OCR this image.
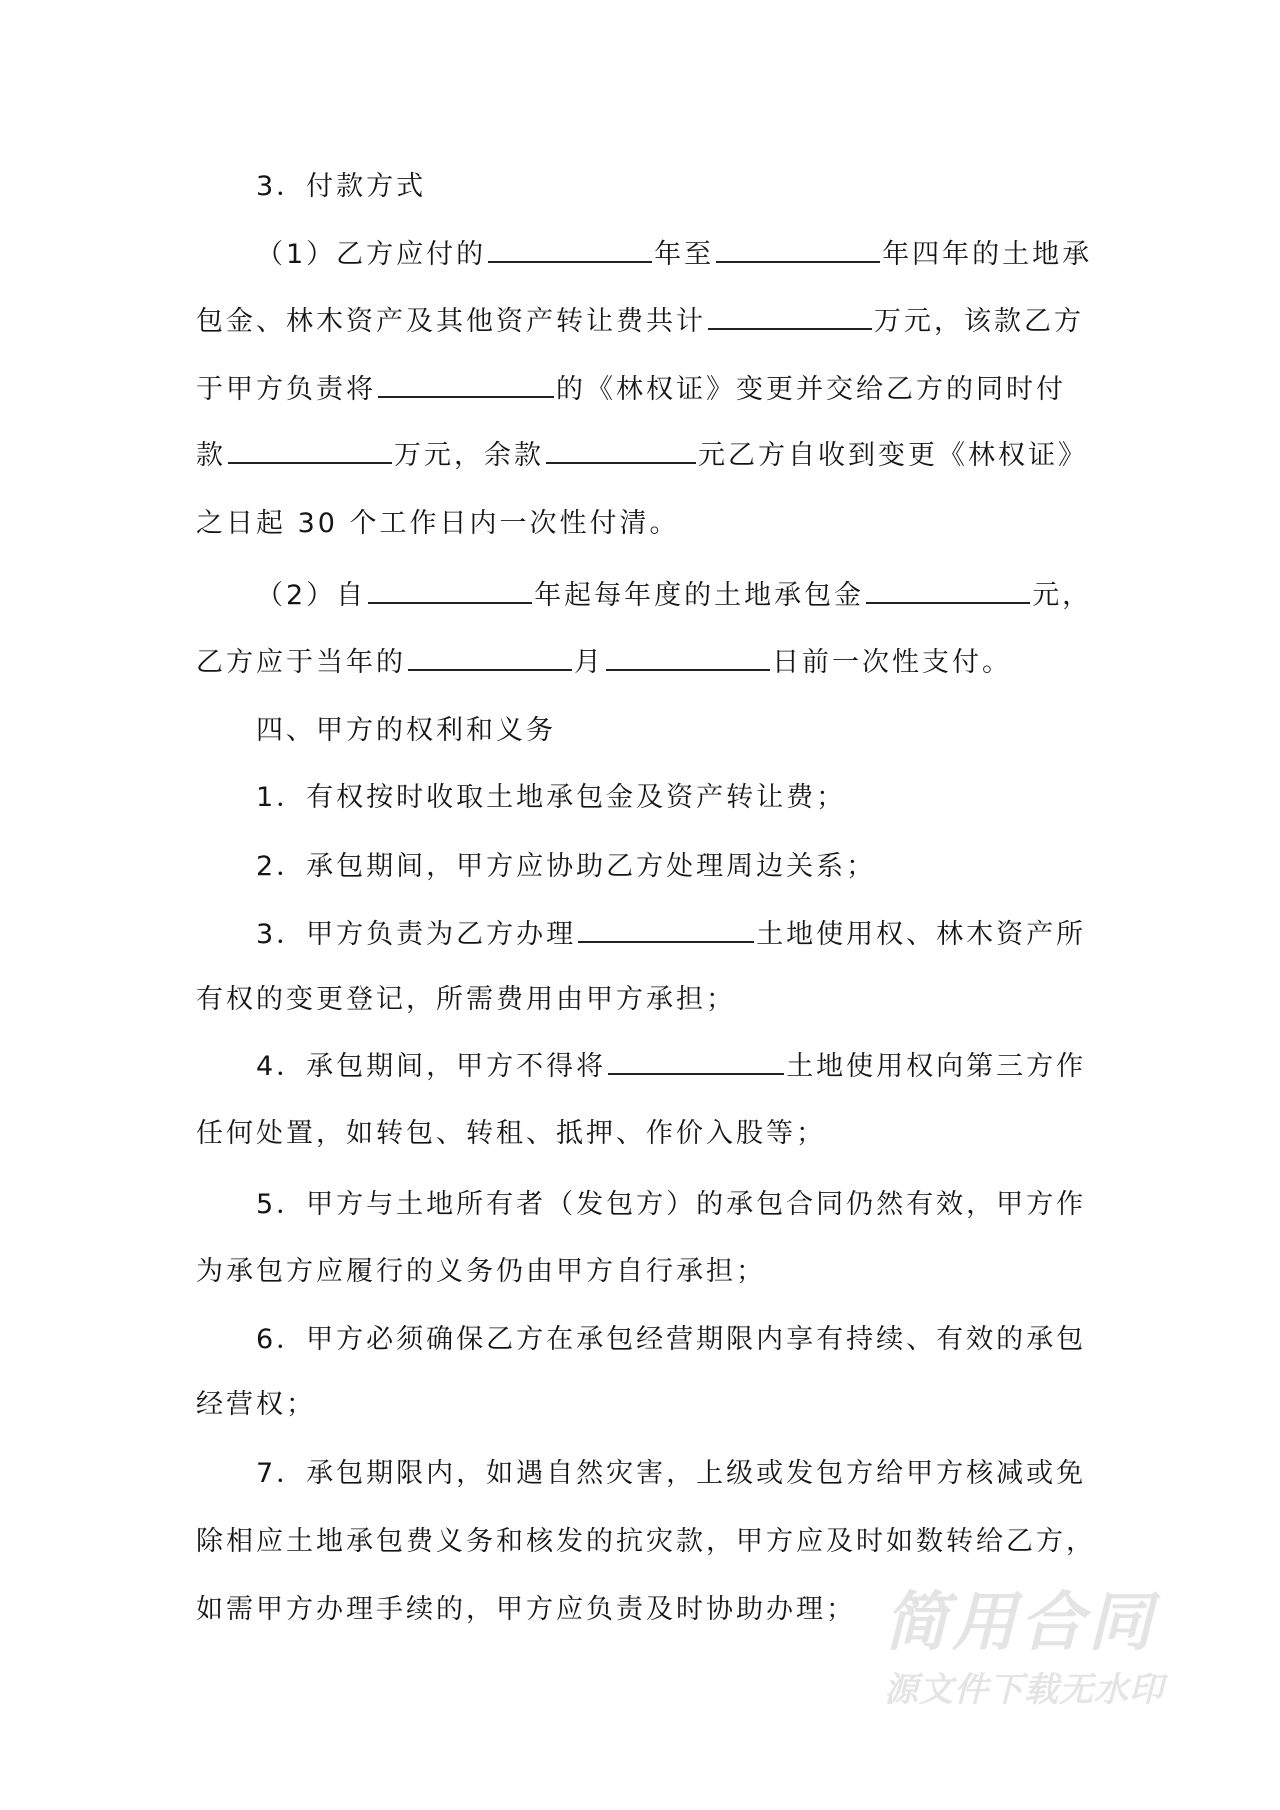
3．付款方式
（1）乙方应付的	年至	年四年的土地承
包金、林木资产及其他资产转让费共计	万元，该款乙方
于甲方负责将	的《林权证》变更并交给乙方的同时付
款	万元，余款	元乙方自收到变更《林权证》
之日起 30 个工作日内一次性付清。
（2）自	年起每年度的土地承包金	元，
乙方应于当年的	月	日前一次性支付。
四、甲方的权利和义务
1．有权按时收取土地承包金及资产转让费；
2．承包期间，甲方应协助乙方处理周边关系；
3．甲方负责为乙方办理	土地使用权、林木资产所
有权的变更登记，所需费用由甲方承担；
4．承包期间，甲方不得将	土地使用权向第三方作
任何处置，如转包、转租、抵押、作价入股等；
5．甲方与土地所有者（发包方）的承包合同仍然有效，甲方作
为承包方应履行的义务仍由甲方自行承担；
6．甲方必须确保乙方在承包经营期限内享有持续、有效的承包
经营权；
7．承包期限内，如遇自然灾害，上级或发包方给甲方核减或免
除相应土地承包费义务和核发的抗灾款，甲方应及时如数转给乙方，
如需甲方办理手续的，甲方应负责及时协助办理； 简用合同
源文件下载无水印
